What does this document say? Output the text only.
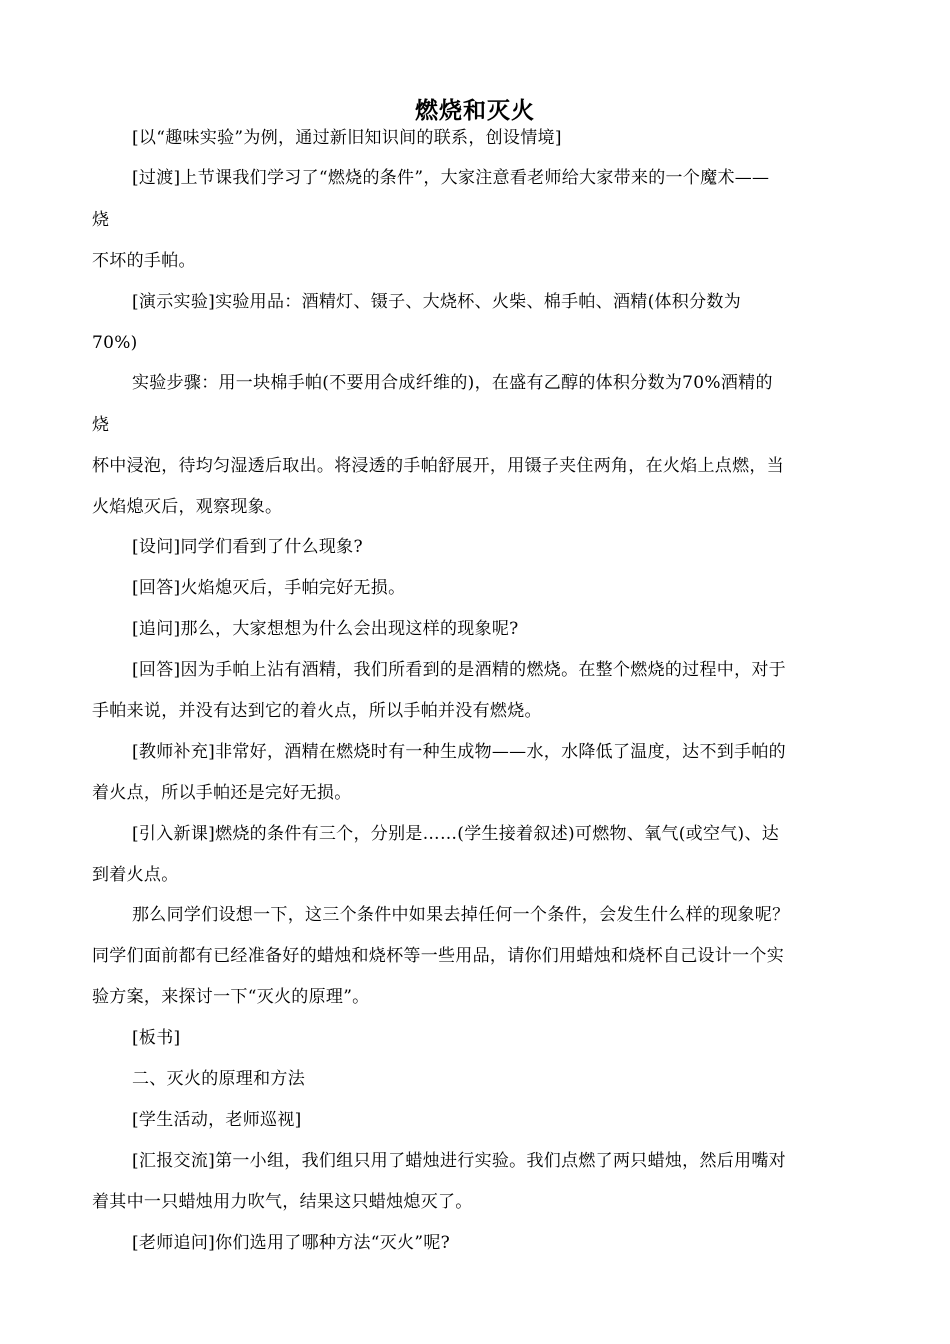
燃烧和灭火
[以“趣味实验”为例，通过新旧知识间的联系，创设情境]
[过渡]上节课我们学习了“燃烧的条件”，大家注意看老师给大家带来的一个魔术——
烧
不坏的手帕。
[演示实验]实验用品：酒精灯、镊子、大烧杯、火柴、棉手帕、酒精(体积分数为
70%)
实验步骤：用一块棉手帕(不要用合成纤维的)，在盛有乙醇的体积分数为70%酒精的
烧
杯中浸泡，待均匀湿透后取出。将浸透的手帕舒展开，用镊子夹住两角，在火焰上点燃，当
火焰熄灭后，观察现象。
[设问]同学们看到了什么现象?
[回答]火焰熄灭后，手帕完好无损。
[追问]那么，大家想想为什么会出现这样的现象呢?
[回答]因为手帕上沾有酒精，我们所看到的是酒精的燃烧。在整个燃烧的过程中，对于
手帕来说，并没有达到它的着火点，所以手帕并没有燃烧。
[教师补充]非常好，酒精在燃烧时有一种生成物——水，水降低了温度，达不到手帕的
着火点，所以手帕还是完好无损。
[引入新课]燃烧的条件有三个，分别是……(学生接着叙述)可燃物、氧气(或空气)、达
到着火点。
那么同学们设想一下，这三个条件中如果去掉任何一个条件，会发生什么样的现象呢？
同学们面前都有已经准备好的蜡烛和烧杯等一些用品，请你们用蜡烛和烧杯自己设计一个实
验方案，来探讨一下“灭火的原理”。
[板书]
二、灭火的原理和方法
[学生活动，老师巡视]
[汇报交流]第一小组，我们组只用了蜡烛进行实验。我们点燃了两只蜡烛，然后用嘴对
着其中一只蜡烛用力吹气，结果这只蜡烛熄灭了。
[老师追问]你们选用了哪种方法“灭火”呢?
